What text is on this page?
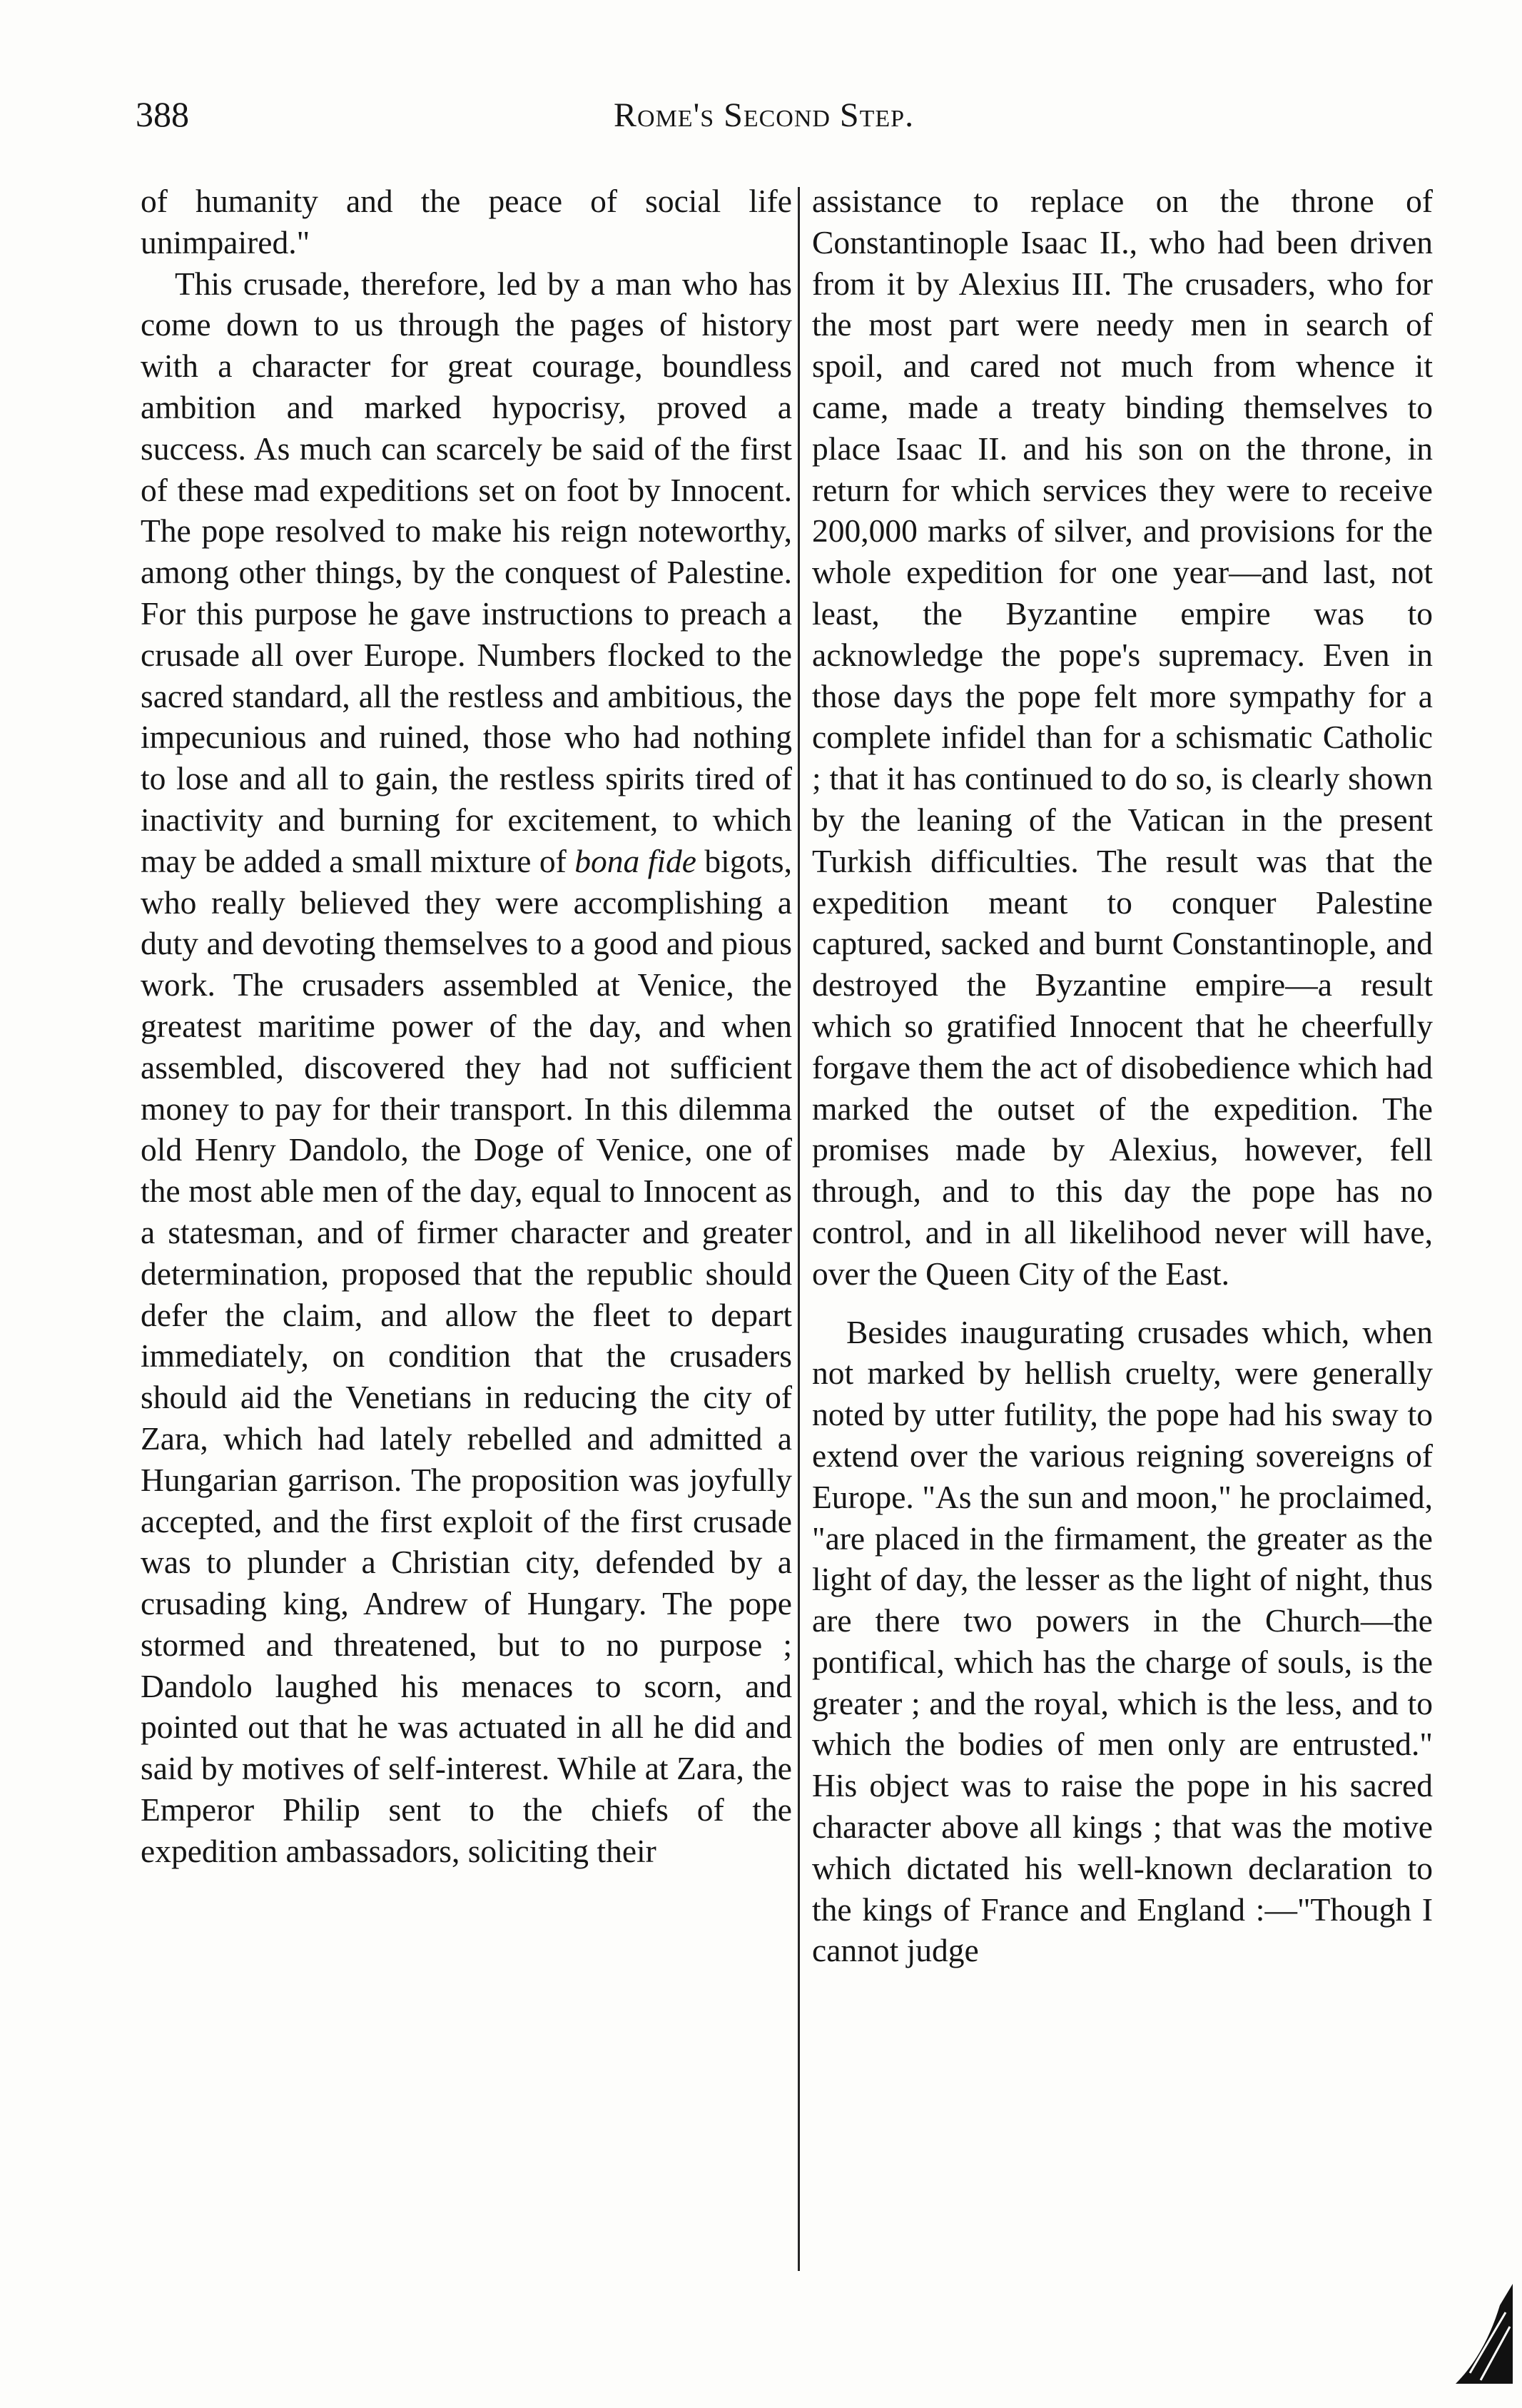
388	Rome's Second Step.

of humanity and the peace of social life unimpaired."

This crusade, therefore, led by a man who has come down to us through the pages of history with a character for great courage, boundless ambition and marked hypocrisy, proved a success. As much can scarcely be said of the first of these mad expeditions set on foot by Innocent. The pope resolved to make his reign noteworthy, among other things, by the conquest of Palestine. For this purpose he gave instructions to preach a crusade all over Europe. Numbers flocked to the sacred standard, all the restless and ambitious, the impecunious and ruined, those who had nothing to lose and all to gain, the restless spirits tired of inactivity and burning for excitement, to which may be added a small mixture of bona fide bigots, who really believed they were accomplishing a duty and devoting themselves to a good and pious work. The crusaders assembled at Venice, the greatest maritime power of the day, and when assembled, discovered they had not sufficient money to pay for their transport. In this dilemma old Henry Dandolo, the Doge of Venice, one of the most able men of the day, equal to Innocent as a statesman, and of firmer character and greater determination, proposed that the republic should defer the claim, and allow the fleet to depart immediately, on condition that the crusaders should aid the Venetians in reducing the city of Zara, which had lately rebelled and admitted a Hungarian garrison. The proposition was joyfully accepted, and the first exploit of the first crusade was to plunder a Christian city, defended by a crusading king, Andrew of Hungary. The pope stormed and threatened, but to no purpose ; Dandolo laughed his menaces to scorn, and pointed out that he was actuated in all he did and said by motives of self-interest. While at Zara, the Emperor Philip sent to the chiefs of the expedition ambassadors, soliciting their

assistance to replace on the throne of Constantinople Isaac II., who had been driven from it by Alexius III. The crusaders, who for the most part were needy men in search of spoil, and cared not much from whence it came, made a treaty binding themselves to place Isaac II. and his son on the throne, in return for which services they were to receive 200,000 marks of silver, and provisions for the whole expedition for one year—and last, not least, the Byzantine empire was to acknowledge the pope's supremacy. Even in those days the pope felt more sympathy for a complete infidel than for a schismatic Catholic ; that it has continued to do so, is clearly shown by the leaning of the Vatican in the present Turkish difficulties. The result was that the expedition meant to conquer Palestine captured, sacked and burnt Constantinople, and destroyed the Byzantine empire—a result which so gratified Innocent that he cheerfully forgave them the act of disobedience which had marked the outset of the expedition. The promises made by Alexius, however, fell through, and to this day the pope has no control, and in all likelihood never will have, over the Queen City of the East.

Besides inaugurating crusades which, when not marked by hellish cruelty, were generally noted by utter futility, the pope had his sway to extend over the various reigning sovereigns of Europe. "As the sun and moon," he proclaimed, "are placed in the firmament, the greater as the light of day, the lesser as the light of night, thus are there two powers in the Church—the pontifical, which has the charge of souls, is the greater ; and the royal, which is the less, and to which the bodies of men only are entrusted." His object was to raise the pope in his sacred character above all kings ; that was the motive which dictated his well-known declaration to the kings of France and England :—"Though I cannot judge
